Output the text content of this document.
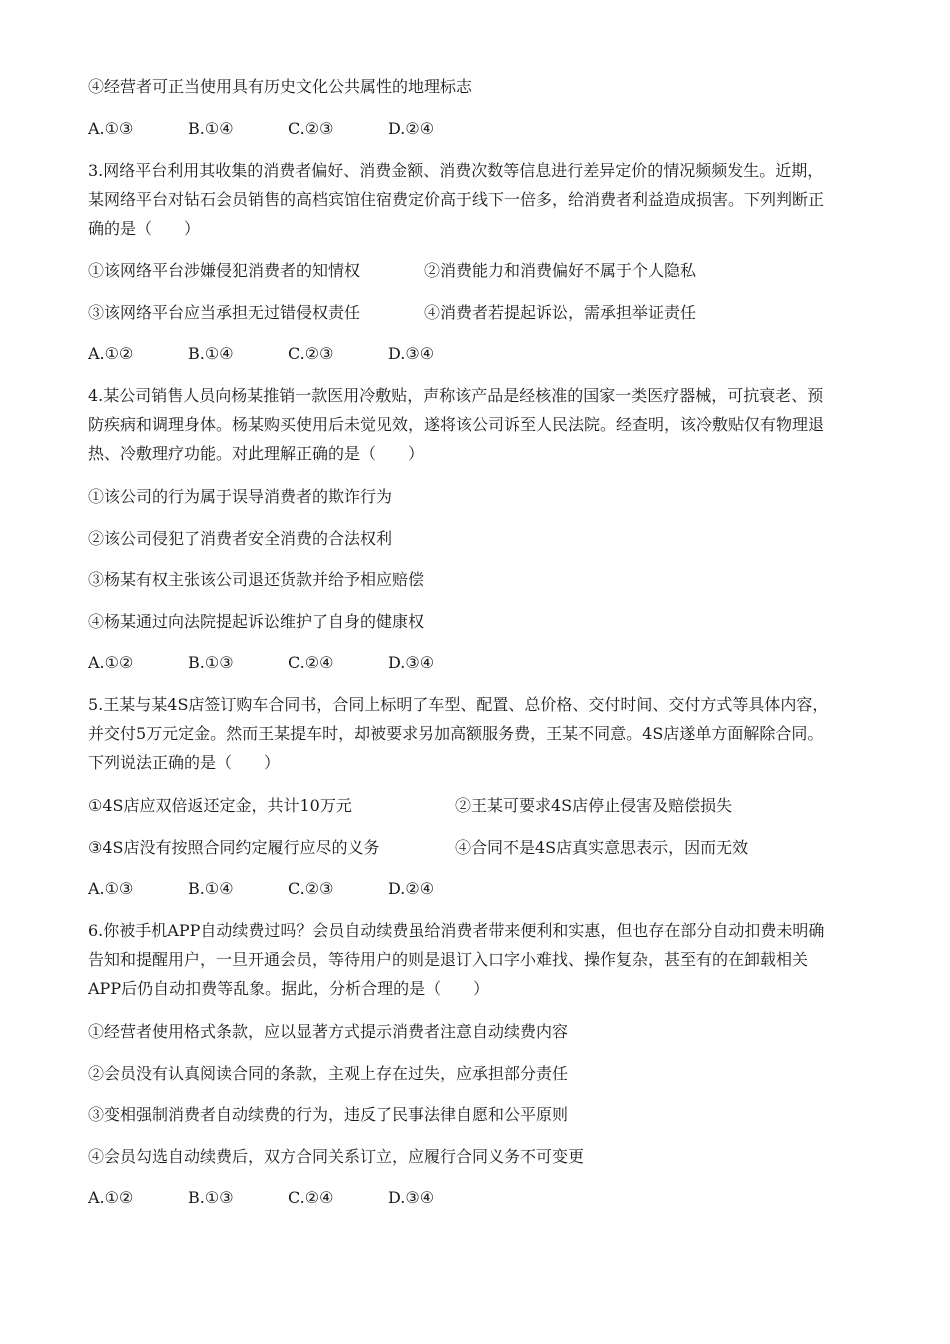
④经营者可正当使用具有历史文化公共属性的地理标志
A.①③	B.①④	C.②③	D.②④
3.网络平台利用其收集的消费者偏好、消费金额、消费次数等信息进行差异定价的情况频频发生。近期，
某网络平台对钻石会员销售的高档宾馆住宿费定价高于线下一倍多，给消费者利益造成损害。下列判断正
确的是（　　）
①该网络平台涉嫌侵犯消费者的知情权	②消费能力和消费偏好不属于个人隐私
③该网络平台应当承担无过错侵权责任	④消费者若提起诉讼，需承担举证责任
A.①②	B.①④	C.②③	D.③④
4.某公司销售人员向杨某推销一款医用冷敷贴，声称该产品是经核准的国家一类医疗器械，可抗衰老、预
防疾病和调理身体。杨某购买使用后未觉见效，遂将该公司诉至人民法院。经查明，该冷敷贴仅有物理退
热、冷敷理疗功能。对此理解正确的是（　　）
①该公司的行为属于误导消费者的欺诈行为
②该公司侵犯了消费者安全消费的合法权利
③杨某有权主张该公司退还货款并给予相应赔偿
④杨某通过向法院提起诉讼维护了自身的健康权
A.①②	B.①③	C.②④	D.③④
5.王某与某4S店签订购车合同书，合同上标明了车型、配置、总价格、交付时间、交付方式等具体内容，
并交付5万元定金。然而王某提车时，却被要求另加高额服务费，王某不同意。4S店遂单方面解除合同。
下列说法正确的是（　　）
①4S店应双倍返还定金，共计10万元	②王某可要求4S店停止侵害及赔偿损失
③4S店没有按照合同约定履行应尽的义务	④合同不是4S店真实意思表示，因而无效
A.①③	B.①④	C.②③	D.②④
6.你被手机APP自动续费过吗？会员自动续费虽给消费者带来便利和实惠，但也存在部分自动扣费未明确
告知和提醒用户，一旦开通会员，等待用户的则是退订入口字小难找、操作复杂，甚至有的在卸载相关
APP后仍自动扣费等乱象。据此，分析合理的是（　　）
①经营者使用格式条款，应以显著方式提示消费者注意自动续费内容
②会员没有认真阅读合同的条款，主观上存在过失，应承担部分责任
③变相强制消费者自动续费的行为，违反了民事法律自愿和公平原则
④会员勾选自动续费后，双方合同关系订立，应履行合同义务不可变更
A.①②	B.①③	C.②④	D.③④
